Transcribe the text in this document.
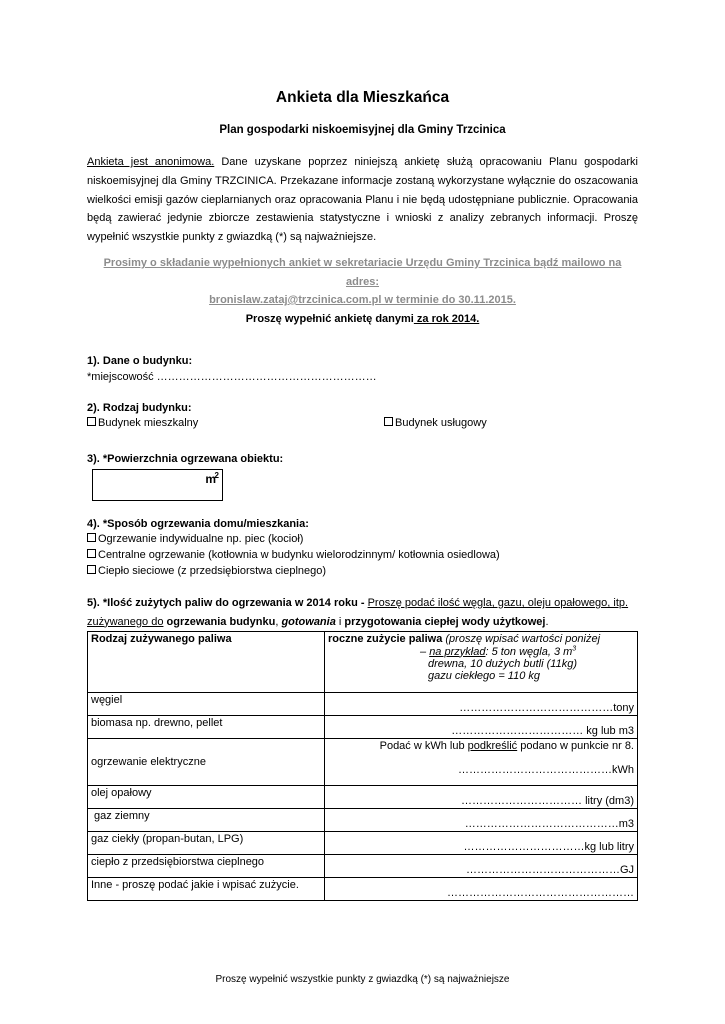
Ankieta dla Mieszkańca
Plan gospodarki niskoemisyjnej dla Gminy Trzcinica
Ankieta jest anonimowa. Dane uzyskane poprzez niniejszą ankietę służą opracowaniu Planu gospodarki niskoemisyjnej dla Gminy TRZCINICA. Przekazane informacje zostaną wykorzystane wyłącznie do oszacowania wielkości emisji gazów cieplarnianych oraz opracowania Planu i nie będą udostępniane publicznie. Opracowania będą zawierać jedynie zbiorcze zestawienia statystyczne i wnioski z analizy zebranych informacji. Proszę wypełnić wszystkie punkty z gwiazdką (*) są najważniejsze.
Prosimy o składanie wypełnionych ankiet w sekretariacie Urzędu Gminy Trzcinica bądź mailowo na adres:
bronislaw.zataj@trzcinica.com.pl w terminie do 30.11.2015.
Proszę wypełnić ankietę danymi za rok 2014.
1). Dane o budynku:
*miejscowość ……………………………………………………
2). Rodzaj budynku:
Budynek mieszkalny	Budynek usługowy
3). *Powierzchnia ogrzewana obiektu:
m
$^2$
4). *Sposób ogrzewania domu/mieszkania:
Ogrzewanie indywidualne np. piec (kocioł)
Centralne ogrzewanie (kotłownia w budynku wielorodzinnym/ kotłownia osiedlowa)
Ciepło sieciowe (z przedsiębiorstwa cieplnego)
5). *Ilość zużytych paliw do ogrzewania w 2014 roku - Proszę podać ilość węgla, gazu, oleju opałowego, itp. zużywanego do ogrzewania budynku, gotowania i przygotowania ciepłej wody użytkowej.
Rodzaj zużywanego paliwa	roczne zużycie paliwa (proszę wpisać wartości poniżej
– na przykład: 5 ton węgla, 3 $m^3$
drewna, 10 dużych butli (11kg)
gazu ciekłego = 110 kg
węgiel	……………………………………tony
biomasa np. drewno, pellet	……………………………… kg lub m3
ogrzewanie elektryczne	Podać w kWh lub podkreślić podano w punkcie nr 8.

……………………………………kWh
olej opałowy	…………………………… litry (dm3)
gaz ziemny	……………………………………m3
gaz ciekły (propan-butan, LPG)	……………………………kg lub litry
ciepło z przedsiębiorstwa cieplnego	……………………………………GJ
Inne - proszę podać jakie i wpisać zużycie.	……………………………………………
Proszę wypełnić wszystkie punkty z gwiazdką (*) są najważniejsze
